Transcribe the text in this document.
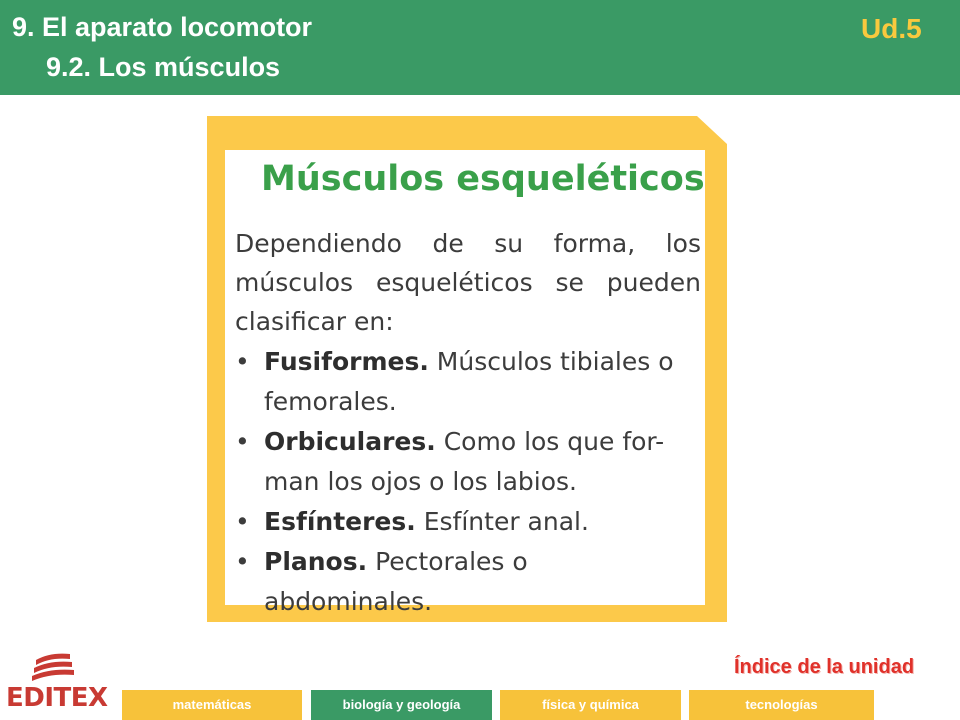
9. El aparato locomotor
9.2. Los músculos
Ud.5
Músculos esqueléticos
Dependiendo de su forma, los músculos esqueléticos se pueden clasificar en:
• Fusiformes. Músculos tibiales o femorales.
• Orbiculares. Como los que for-man los ojos o los labios.
• Esfínteres. Esfínter anal.
• Planos. Pectorales o abdominales.
Índice de la unidad
EDITEX	matemáticas	biología y geología	física y química	tecnologías
